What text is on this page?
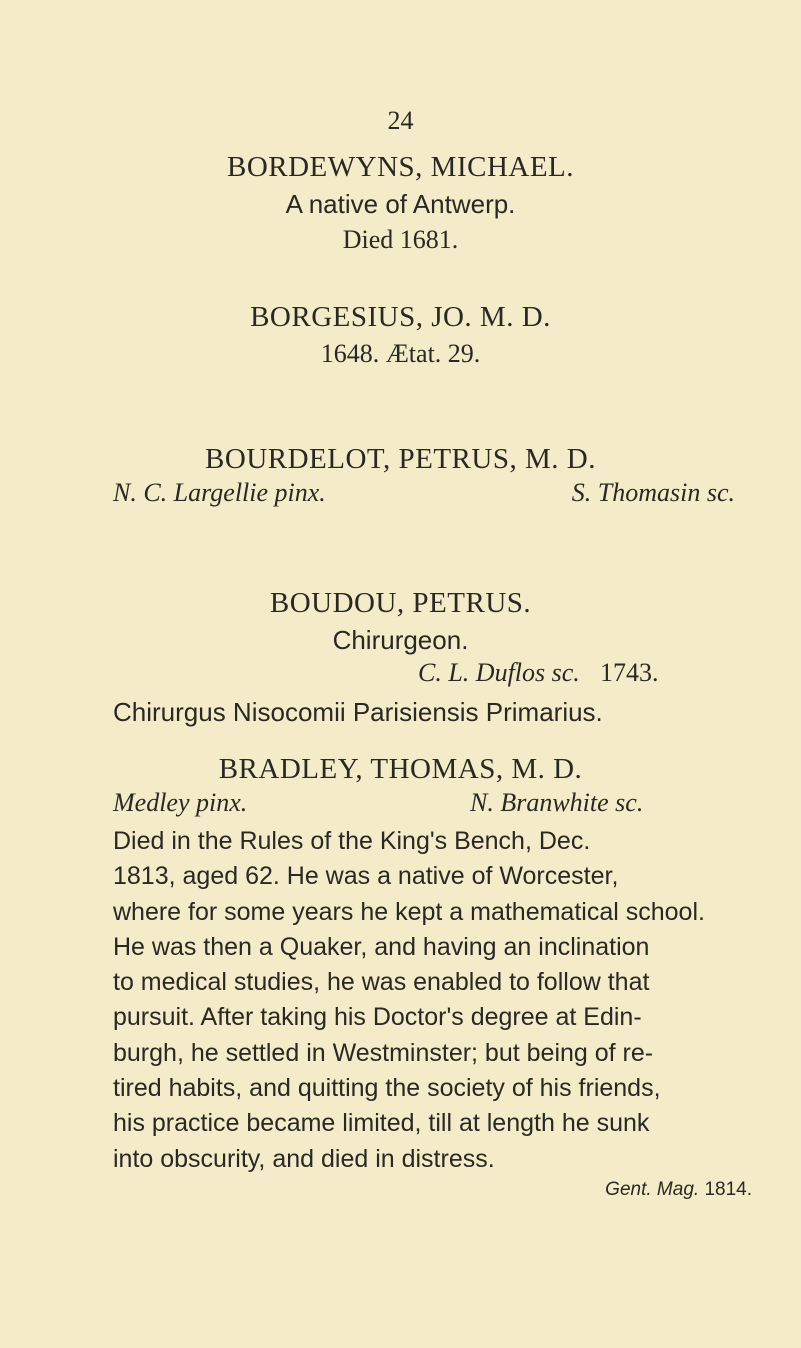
24
BORDEWYNS, MICHAEL.
A native of Antwerp.
Died 1681.
BORGESIUS, JO. M. D.
1648. Ætat. 29.
BOURDELOT, PETRUS, M. D.
N. C. Largellie pinx.	S. Thomasin sc.
BOUDOU, PETRUS.
Chirurgeon.
C. L. Duflos sc. 1743.
Chirurgus Nisocomii Parisiensis Primarius.
BRADLEY, THOMAS, M. D.
Medley pinx.	N. Branwhite sc.
Died in the Rules of the King's Bench, Dec.
1813, aged 62. He was a native of Worcester,
where for some years he kept a mathematical school.
He was then a Quaker, and having an inclination
to medical studies, he was enabled to follow that
pursuit. After taking his Doctor's degree at Edin-
burgh, he settled in Westminster; but being of re-
tired habits, and quitting the society of his friends,
his practice became limited, till at length he sunk
into obscurity, and died in distress.
Gent. Mag. 1814.
